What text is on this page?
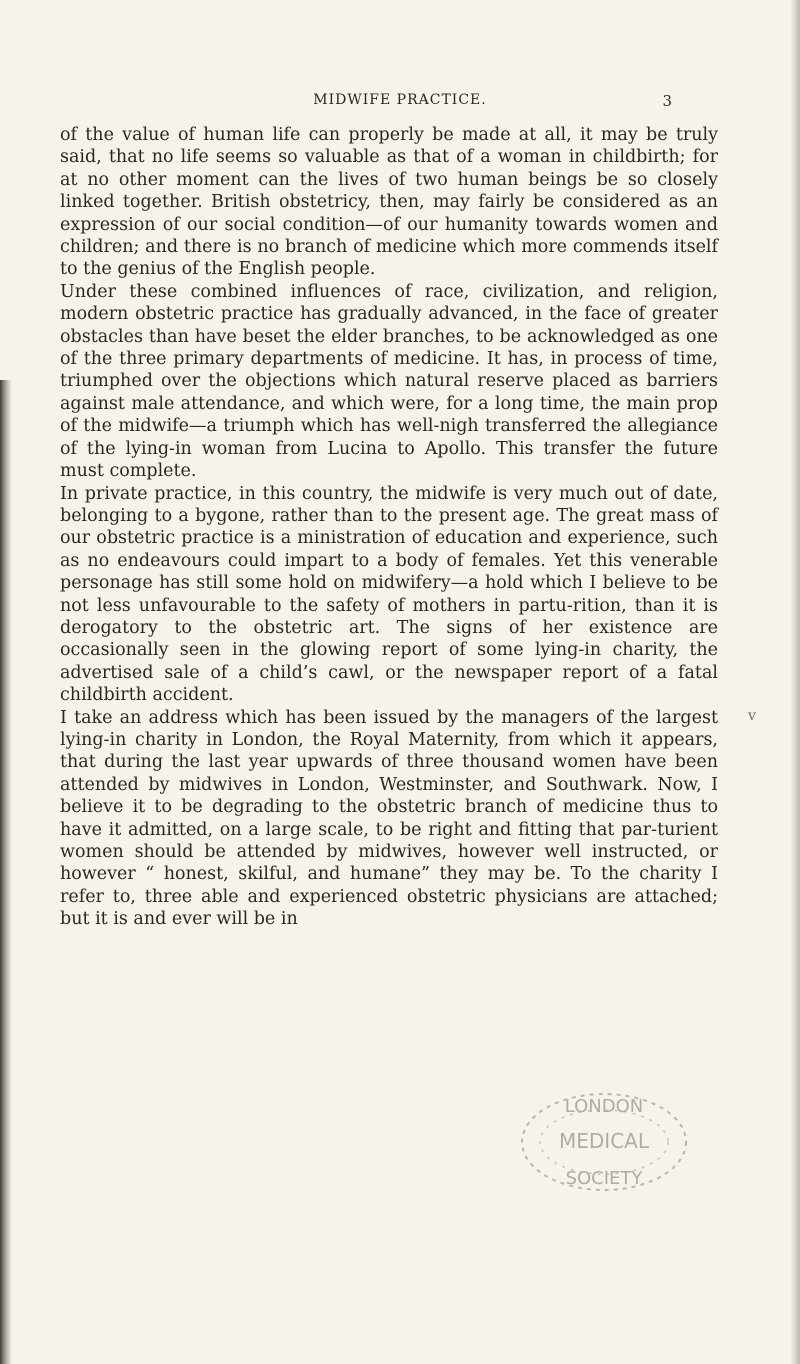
MIDWIFE PRACTICE.	3

of the value of human life can properly be made at all, it may be truly said, that no life seems so valuable as that of a woman in childbirth; for at no other moment can the lives of two human beings be so closely linked together. British obstetricy, then, may fairly be considered as an expression of our social condition—of our humanity towards women and children; and there is no branch of medicine which more commends itself to the genius of the English people.

Under these combined influences of race, civilization, and religion, modern obstetric practice has gradually advanced, in the face of greater obstacles than have beset the elder branches, to be acknowledged as one of the three primary departments of medicine. It has, in process of time, triumphed over the objections which natural reserve placed as barriers against male attendance, and which were, for a long time, the main prop of the midwife—a triumph which has well-nigh transferred the allegiance of the lying-in woman from Lucina to Apollo. This transfer the future must complete.

In private practice, in this country, the midwife is very much out of date, belonging to a bygone, rather than to the present age. The great mass of our obstetric practice is a ministration of education and experience, such as no endeavours could impart to a body of females. Yet this venerable personage has still some hold on midwifery—a hold which I believe to be not less unfavourable to the safety of mothers in partu-rition, than it is derogatory to the obstetric art. The signs of her existence are occasionally seen in the glowing report of some lying-in charity, the advertised sale of a child’s cawl, or the newspaper report of a fatal childbirth accident.

I take an address which has been issued by the managers of the largest lying-in charity in London, the Royal Maternity, from which it appears, that during the last year upwards of three thousand women have been attended by midwives in London, Westminster, and Southwark. Now, I believe it to be degrading to the obstetric branch of medicine thus to have it admitted, on a large scale, to be right and fitting that par-turient women should be attended by midwives, however well instructed, or however “ honest, skilful, and humane” they may be. To the charity I refer to, three able and experienced obstetric physicians are attached; but it is and ever will be in

v
LONDON
MEDICAL
SOCIETY
